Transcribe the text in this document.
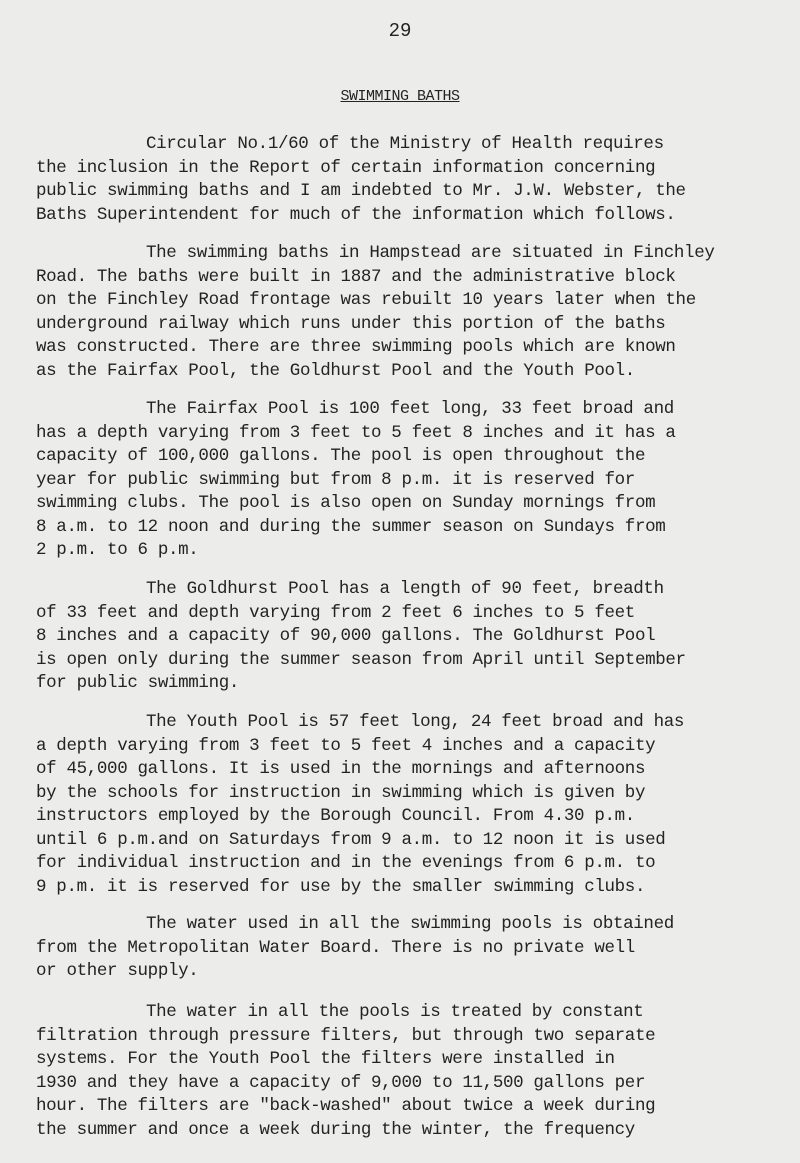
29
SWIMMING BATHS
Circular No.1/60 of the Ministry of Health requires
the inclusion in the Report of certain information concerning
public swimming baths and I am indebted to Mr. J.W. Webster, the
Baths Superintendent for much of the information which follows.
The swimming baths in Hampstead are situated in Finchley
Road. The baths were built in 1887 and the administrative block
on the Finchley Road frontage was rebuilt 10 years later when the
underground railway which runs under this portion of the baths
was constructed. There are three swimming pools which are known
as the Fairfax Pool, the Goldhurst Pool and the Youth Pool.
The Fairfax Pool is 100 feet long, 33 feet broad and
has a depth varying from 3 feet to 5 feet 8 inches and it has a
capacity of 100,000 gallons. The pool is open throughout the
year for public swimming but from 8 p.m. it is reserved for
swimming clubs. The pool is also open on Sunday mornings from
8 a.m. to 12 noon and during the summer season on Sundays from
2 p.m. to 6 p.m.
The Goldhurst Pool has a length of 90 feet, breadth
of 33 feet and depth varying from 2 feet 6 inches to 5 feet
8 inches and a capacity of 90,000 gallons. The Goldhurst Pool
is open only during the summer season from April until September
for public swimming.
The Youth Pool is 57 feet long, 24 feet broad and has
a depth varying from 3 feet to 5 feet 4 inches and a capacity
of 45,000 gallons. It is used in the mornings and afternoons
by the schools for instruction in swimming which is given by
instructors employed by the Borough Council. From 4.30 p.m.
until 6 p.m.and on Saturdays from 9 a.m. to 12 noon it is used
for individual instruction and in the evenings from 6 p.m. to
9 p.m. it is reserved for use by the smaller swimming clubs.
The water used in all the swimming pools is obtained
from the Metropolitan Water Board. There is no private well
or other supply.
The water in all the pools is treated by constant
filtration through pressure filters, but through two separate
systems. For the Youth Pool the filters were installed in
1930 and they have a capacity of 9,000 to 11,500 gallons per
hour. The filters are "back-washed" about twice a week during
the summer and once a week during the winter, the frequency
